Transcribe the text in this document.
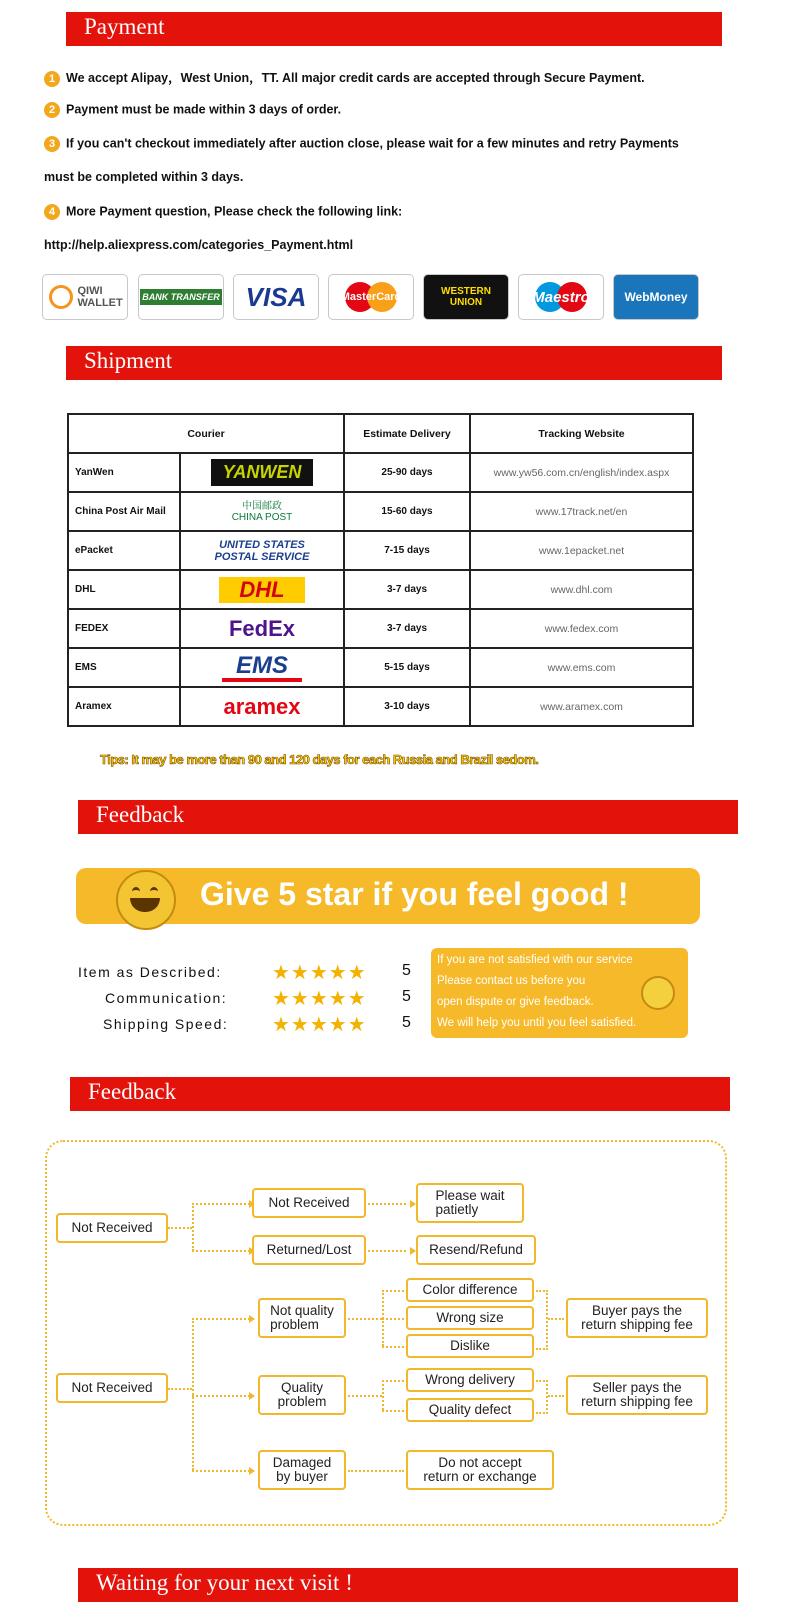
Payment
1 We accept Alipay，West Union，TT. All major credit cards are accepted through Secure Payment.
2 Payment must be made within 3 days of order.
3 If you can't checkout immediately after auction close, please wait for a few minutes and retry Payments
must be completed within 3 days.
4 More Payment question, Please check the following link:
http://help.aliexpress.com/categories_Payment.html
QIWI WALLET BANK TRANSFER VISA	MasterCard	WESTERN UNION	Maestro	WebMoney
Shipment
Courier		Estimate Delivery	Tracking Website
YanWen	YANWEN	25-90 days	www.yw56.com.cn/english/index.aspx
China Post Air Mail	中国邮政 CHINA POST	15-60 days	www.17track.net/en
ePacket	UNITED STATES POSTAL SERVICE	7-15 days	www.1epacket.net
DHL	DHL	3-7 days	www.dhl.com
FEDEX	FedEx	3-7 days	www.fedex.com
EMS	EMS	5-15 days	www.ems.com
Aramex	aramex	3-10 days	www.aramex.com
Tips: It may be more than 90 and 120 days for each Russia and Brazil sedom.
Feedback
Give 5 star if you feel good !
Item as Described:	★★★★★ 5
Communication: ★★★★★ 5
Shipping Speed: ★★★★★ 5
If you are not satisfied with our service
Please contact us before you
open dispute or give feedback.
We will help you until you feel satisfied.
Feedback
Not Received
Not Received	Please wait
patietly
Returned/Lost	Resend/Refund
Not Received
Not quality
problem
Color difference
Wrong size
Dislike
Buyer pays the
return shipping fee
Quality
problem
Wrong delivery
Quality defect
Seller pays the
return shipping fee
Damaged
by buyer
Do not accept
return or exchange
Waiting for your next visit !
